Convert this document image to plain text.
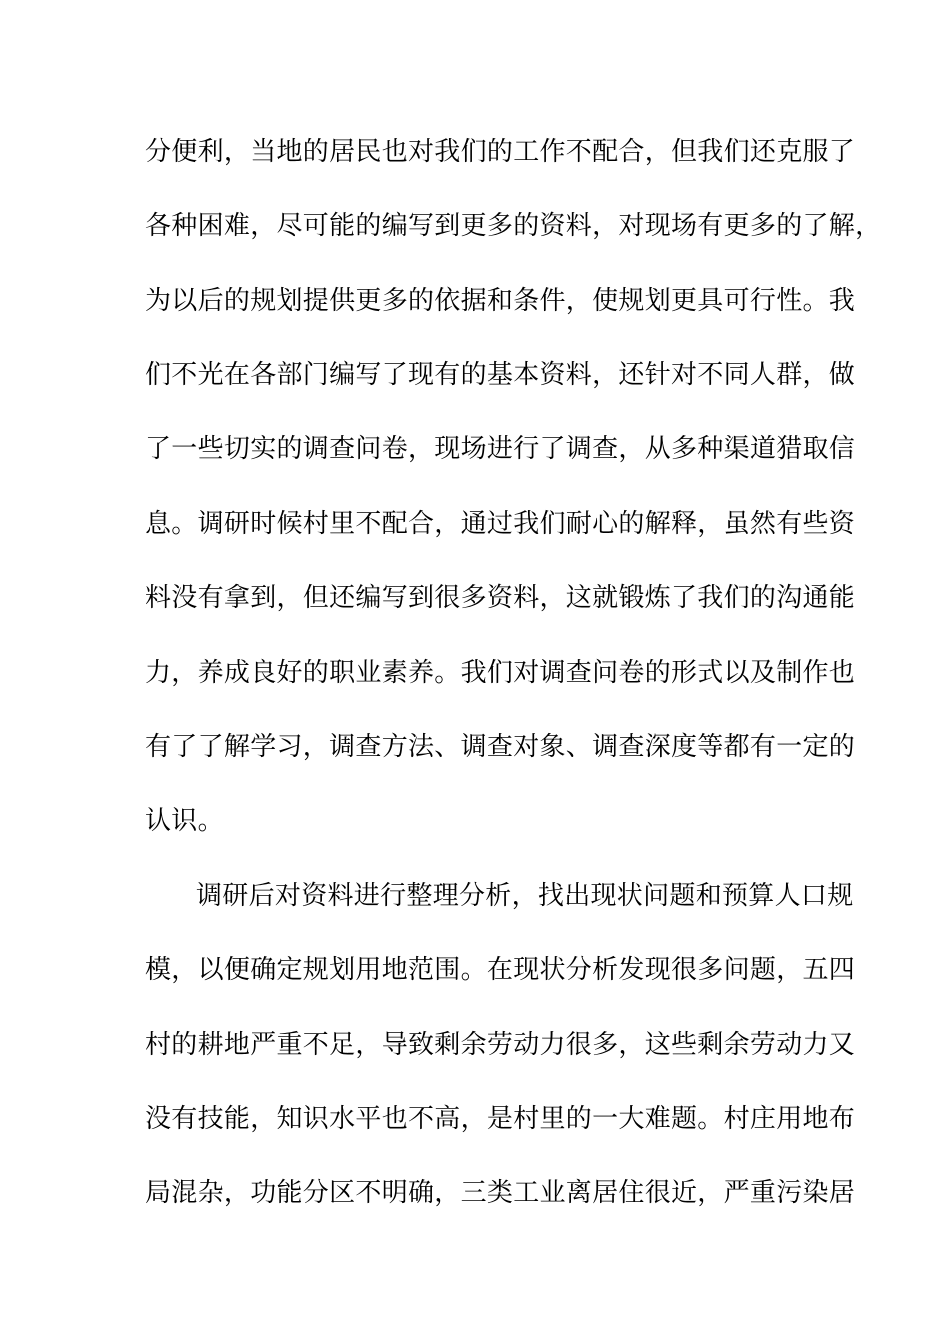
分便利，当地的居民也对我们的工作不配合，但我们还克服了
各种困难，尽可能的编写到更多的资料，对现场有更多的了解，
为以后的规划提供更多的依据和条件，使规划更具可行性。我
们不光在各部门编写了现有的基本资料，还针对不同人群，做
了一些切实的调查问卷，现场进行了调查，从多种渠道猎取信
息。调研时候村里不配合，通过我们耐心的解释，虽然有些资
料没有拿到，但还编写到很多资料，这就锻炼了我们的沟通能
力，养成良好的职业素养。我们对调查问卷的形式以及制作也
有了了解学习，调查方法、调查对象、调查深度等都有一定的
认识。
调研后对资料进行整理分析，找出现状问题和预算人口规
模，以便确定规划用地范围。在现状分析发现很多问题，五四
村的耕地严重不足，导致剩余劳动力很多，这些剩余劳动力又
没有技能，知识水平也不高，是村里的一大难题。村庄用地布
局混杂，功能分区不明确，三类工业离居住很近，严重污染居
